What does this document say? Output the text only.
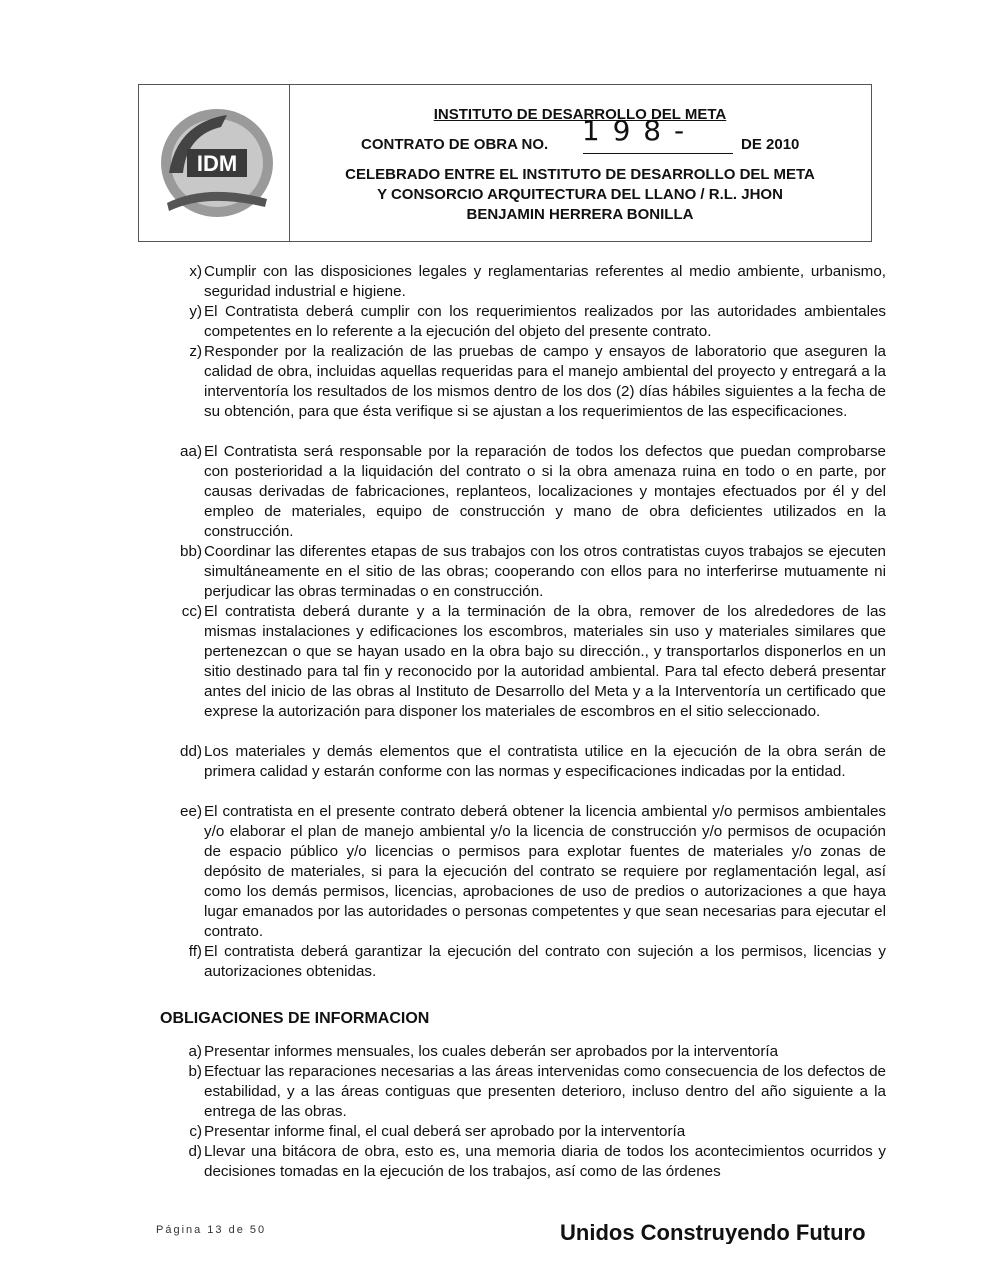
IDM
INSTITUTO DE DESARROLLO DEL META
CONTRATO DE OBRA NO.	1 9 8 -	DE 2010
CELEBRADO ENTRE EL INSTITUTO DE DESARROLLO DEL META
Y CONSORCIO ARQUITECTURA DEL LLANO / R.L. JHON
BENJAMIN HERRERA BONILLA
x) Cumplir con las disposiciones legales y reglamentarias referentes al medio ambiente, urbanismo, seguridad industrial e higiene.
y) El Contratista deberá cumplir con los requerimientos realizados por las autoridades ambientales competentes en lo referente a la ejecución del objeto del presente contrato.
z) Responder por la realización de las pruebas de campo y ensayos de laboratorio que aseguren la calidad de obra, incluidas aquellas requeridas para el manejo ambiental del proyecto y entregará a la interventoría los resultados de los mismos dentro de los dos (2) días hábiles siguientes a la fecha de su obtención, para que ésta verifique si se ajustan a los requerimientos de las especificaciones.
aa) El Contratista será responsable por la reparación de todos los defectos que puedan comprobarse con posterioridad a la liquidación del contrato o si la obra amenaza ruina en todo o en parte, por causas derivadas de fabricaciones, replanteos, localizaciones y montajes efectuados por él y del empleo de materiales, equipo de construcción y mano de obra deficientes utilizados en la construcción.
bb) Coordinar las diferentes etapas de sus trabajos con los otros contratistas cuyos trabajos se ejecuten simultáneamente en el sitio de las obras; cooperando con ellos para no interferirse mutuamente ni perjudicar las obras terminadas o en construcción.
cc) El contratista deberá durante y a la terminación de la obra, remover de los alrededores de las mismas instalaciones y edificaciones los escombros, materiales sin uso y materiales similares que pertenezcan o que se hayan usado en la obra bajo su dirección., y transportarlos disponerlos en un sitio destinado para tal fin y reconocido por la autoridad ambiental. Para tal efecto deberá presentar antes del inicio de las obras al Instituto de Desarrollo del Meta y a la Interventoría un certificado que exprese la autorización para disponer los materiales de escombros en el sitio seleccionado.
dd) Los materiales y demás elementos que el contratista utilice en la ejecución de la obra serán de primera calidad y estarán conforme con las normas y especificaciones indicadas por la entidad.
ee) El contratista en el presente contrato deberá obtener la licencia ambiental y/o permisos ambientales y/o elaborar el plan de manejo ambiental y/o la licencia de construcción y/o permisos de ocupación de espacio público y/o licencias o permisos para explotar fuentes de materiales y/o zonas de depósito de materiales, si para la ejecución del contrato se requiere por reglamentación legal, así como los demás permisos, licencias, aprobaciones de uso de predios o autorizaciones a que haya lugar emanados por las autoridades o personas competentes y que sean necesarias para ejecutar el contrato.
ff) El contratista deberá garantizar la ejecución del contrato con sujeción a los permisos, licencias y autorizaciones obtenidas.
OBLIGACIONES DE INFORMACION
a) Presentar informes mensuales, los cuales deberán ser aprobados por la interventoría
b) Efectuar las reparaciones necesarias a las áreas intervenidas como consecuencia de los defectos de estabilidad, y a las áreas contiguas que presenten deterioro, incluso dentro del año siguiente a la entrega de las obras.
c) Presentar informe final, el cual deberá ser aprobado por la interventoría
d) Llevar una bitácora de obra, esto es, una memoria diaria de todos los acontecimientos ocurridos y decisiones tomadas en la ejecución de los trabajos, así como de las órdenes
Página 13 de 50	Unidos Construyendo Futuro
